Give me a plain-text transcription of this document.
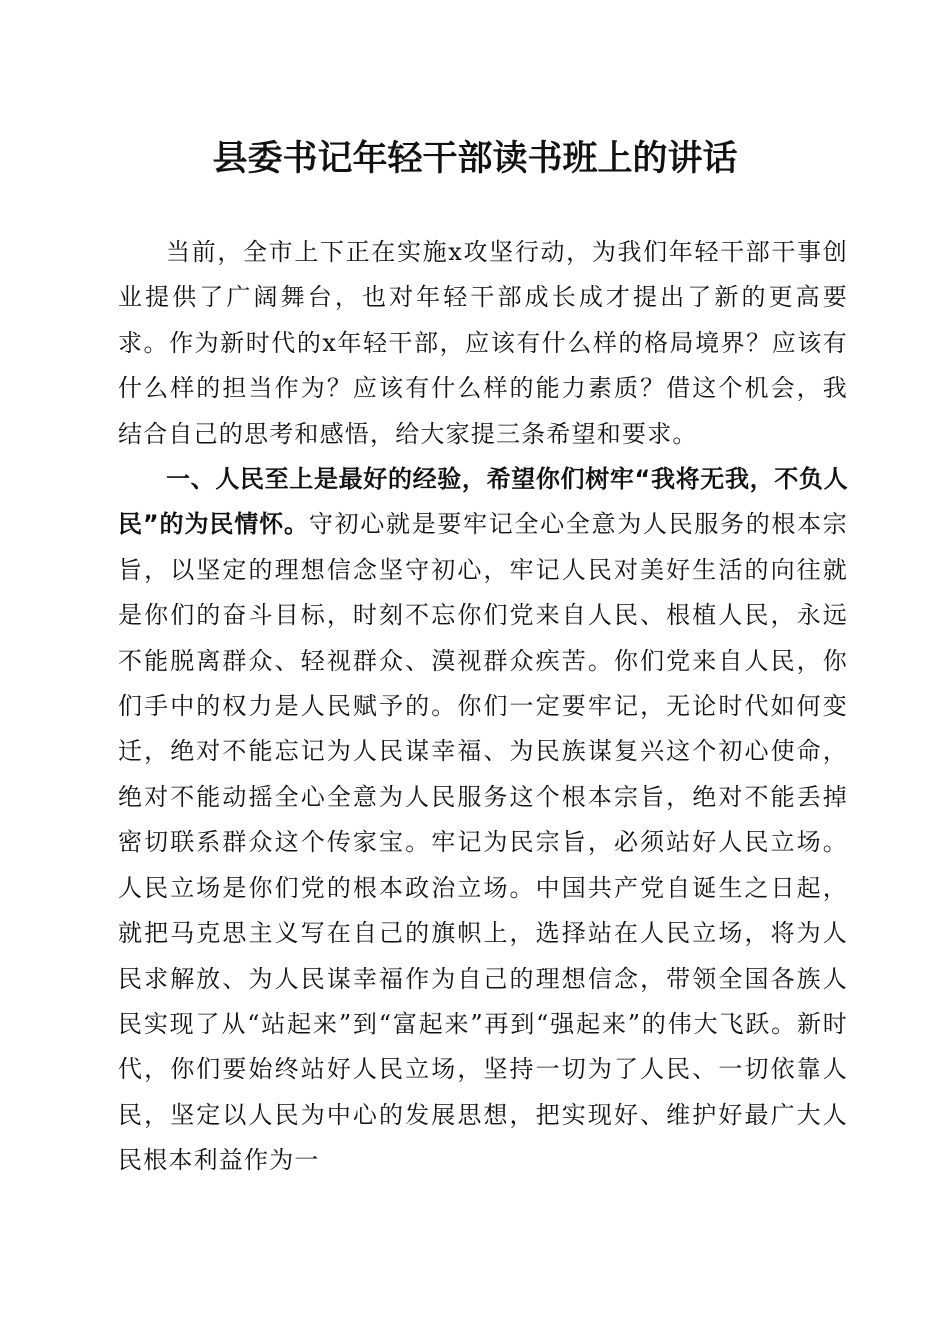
县委书记年轻干部读书班上的讲话

当前，全市上下正在实施x攻坚行动，为我们年轻干部干事创业提供了广阔舞台，也对年轻干部成长成才提出了新的更高要求。作为新时代的x年轻干部，应该有什么样的格局境界？应该有什么样的担当作为？应该有什么样的能力素质？借这个机会，我结合自己的思考和感悟，给大家提三条希望和要求。

一、人民至上是最好的经验，希望你们树牢“我将无我，不负人民”的为民情怀。守初心就是要牢记全心全意为人民服务的根本宗旨，以坚定的理想信念坚守初心，牢记人民对美好生活的向往就是你们的奋斗目标，时刻不忘你们党来自人民、根植人民，永远不能脱离群众、轻视群众、漠视群众疾苦。你们党来自人民，你们手中的权力是人民赋予的。你们一定要牢记，无论时代如何变迁，绝对不能忘记为人民谋幸福、为民族谋复兴这个初心使命，绝对不能动摇全心全意为人民服务这个根本宗旨，绝对不能丢掉密切联系群众这个传家宝。牢记为民宗旨，必须站好人民立场。人民立场是你们党的根本政治立场。中国共产党自诞生之日起，就把马克思主义写在自己的旗帜上，选择站在人民立场，将为人民求解放、为人民谋幸福作为自己的理想信念，带领全国各族人民实现了从“站起来”到“富起来”再到“强起来”的伟大飞跃。新时代，你们要始终站好人民立场，坚持一切为了人民、一切依靠人民，坚定以人民为中心的发展思想，把实现好、维护好最广大人民根本利益作为一
